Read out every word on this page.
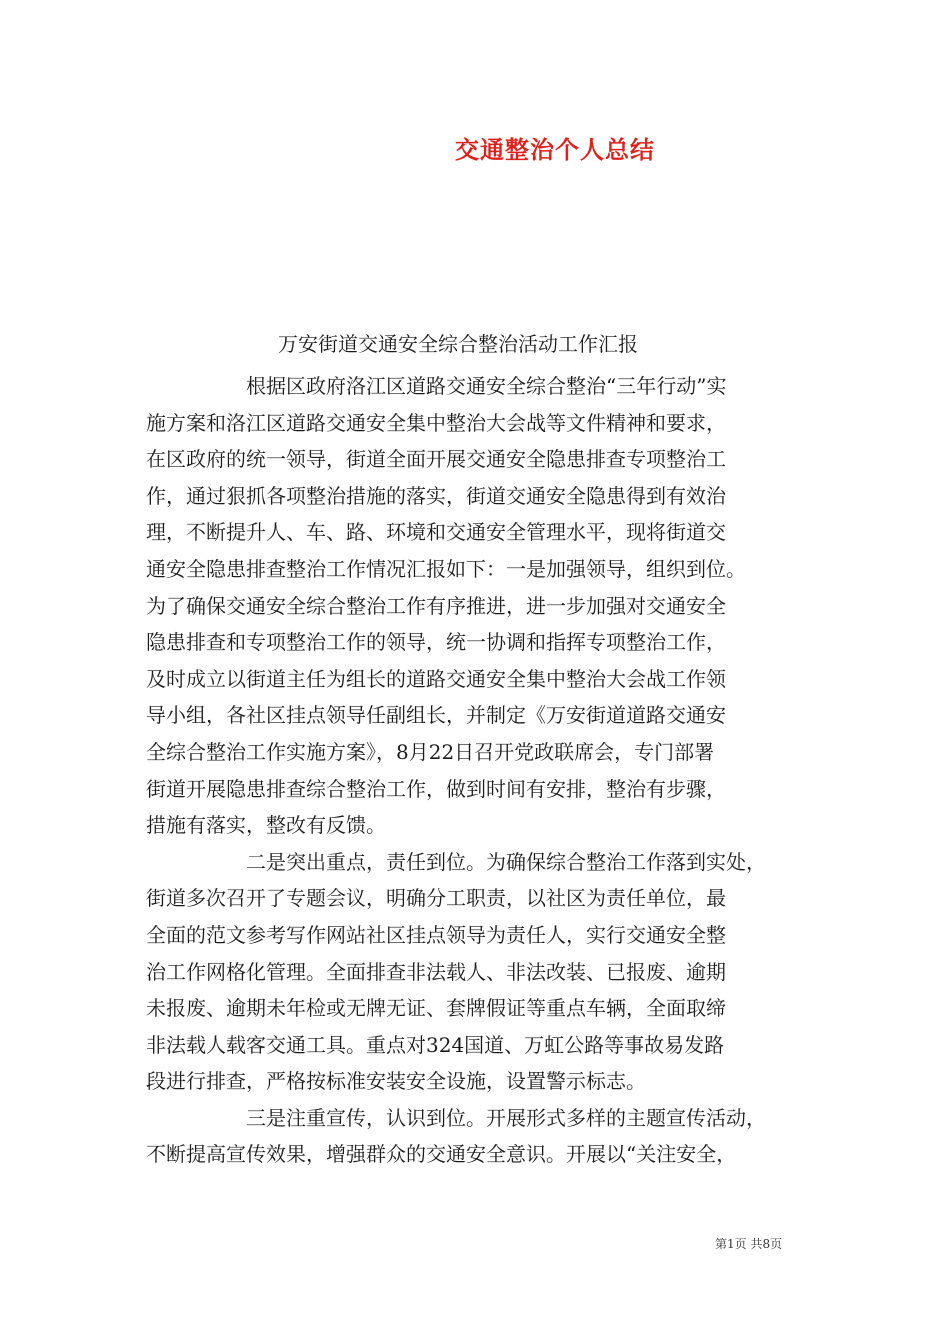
交通整治个人总结
万安街道交通安全综合整治活动工作汇报
根据区政府洛江区道路交通安全综合整治“三年行动”实
施方案和洛江区道路交通安全集中整治大会战等文件精神和要求，
在区政府的统一领导，街道全面开展交通安全隐患排查专项整治工
作，通过狠抓各项整治措施的落实，街道交通安全隐患得到有效治
理，不断提升人、车、路、环境和交通安全管理水平，现将街道交
通安全隐患排查整治工作情况汇报如下：一是加强领导，组织到位。
为了确保交通安全综合整治工作有序推进，进一步加强对交通安全
隐患排查和专项整治工作的领导，统一协调和指挥专项整治工作，
及时成立以街道主任为组长的道路交通安全集中整治大会战工作领
导小组，各社区挂点领导任副组长，并制定《万安街道道路交通安
全综合整治工作实施方案》，8月22日召开党政联席会，专门部署
街道开展隐患排查综合整治工作，做到时间有安排，整治有步骤，
措施有落实，整改有反馈。
二是突出重点，责任到位。为确保综合整治工作落到实处，
街道多次召开了专题会议，明确分工职责，以社区为责任单位，最
全面的范文参考写作网站社区挂点领导为责任人，实行交通安全整
治工作网格化管理。全面排查非法载人、非法改装、已报废、逾期
未报废、逾期未年检或无牌无证、套牌假证等重点车辆，全面取缔
非法载人载客交通工具。重点对324国道、万虹公路等事故易发路
段进行排查，严格按标准安装安全设施，设置警示标志。
三是注重宣传，认识到位。开展形式多样的主题宣传活动，
不断提高宣传效果，增强群众的交通安全意识。开展以“关注安全，
第1页 共8页
